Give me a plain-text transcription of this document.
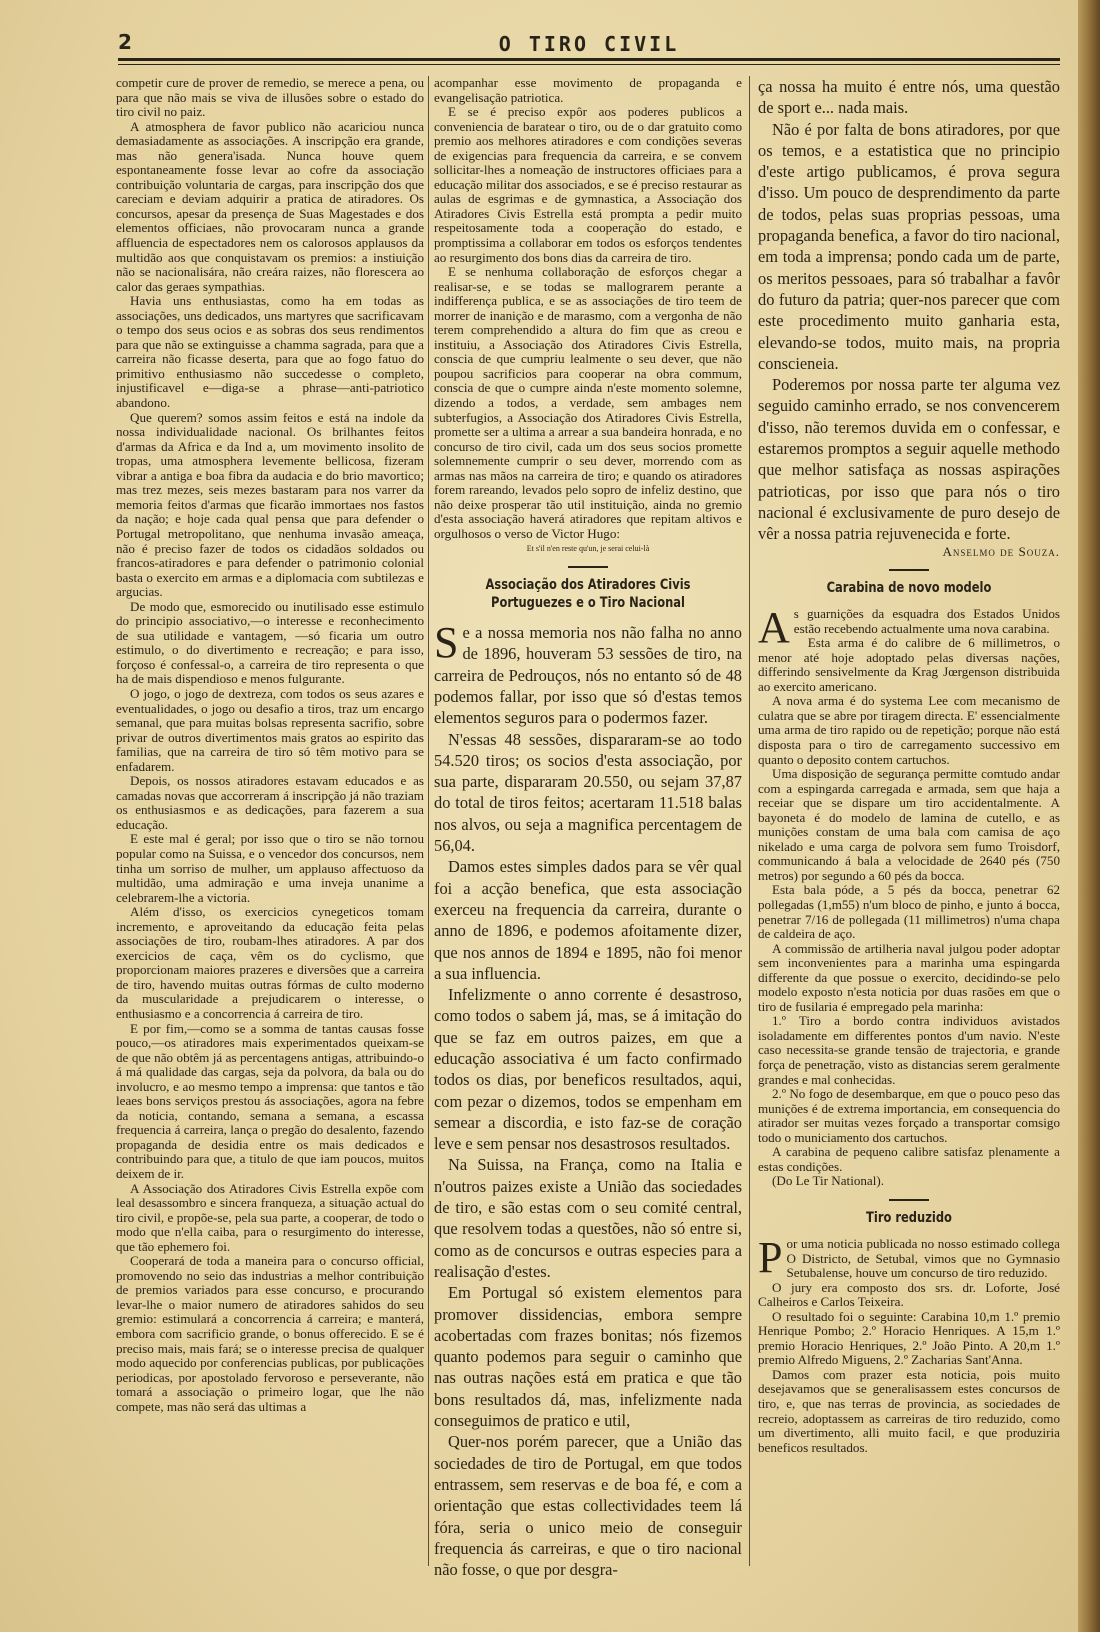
2	O TIRO CIVIL

competir cure de prover de remedio, se merece a pena, ou para que não mais se viva de illusões sobre o estado do tiro civil no paiz.

A atmosphera de favor publico não acariciou nunca demasiadamente as associações. A inscripção era grande, mas não genera'isada. Nunca houve quem espontaneamente fosse levar ao cofre da associação contribuição voluntaria de cargas, para inscripção dos que careciam e deviam adquirir a pratica de atiradores. Os concursos, apesar da presença de Suas Magestades e dos elementos officiaes, não provocaram nunca a grande affluencia de espectadores nem os calorosos applausos da multidão aos que conquistavam os premios: a instiuição não se nacionalisára, não creára raizes, não florescera ao calor das geraes sympathias.

Havia uns enthusiastas, como ha em todas as associações, uns dedicados, uns martyres que sacrificavam o tempo dos seus ocios e as sobras dos seus rendimentos para que não se extinguisse a chamma sagrada, para que a carreira não ficasse deserta, para que ao fogo fatuo do primitivo enthusiasmo não succedesse o completo, injustificavel e—diga-se a phrase—anti-patriotico abandono.

Que querem? somos assim feitos e está na indole da nossa individualidade nacional. Os brilhantes feitos d'armas da Africa e da Ind a, um movimento insolito de tropas, uma atmosphera levemente bellicosa, fizeram vibrar a antiga e boa fibra da audacia e do brio mavortico; mas trez mezes, seis mezes bastaram para nos varrer da memoria feitos d'armas que ficarão immortaes nos fastos da nação; e hoje cada qual pensa que para defender o Portugal metropolitano, que nenhuma invasão ameaça, não é preciso fazer de todos os cidadãos soldados ou francos-atiradores e para defender o patrimonio colonial basta o exercito em armas e a diplomacia com subtilezas e argucias.

De modo que, esmorecido ou inutilisado esse estimulo do principio associativo,—o interesse e reconhecimento de sua utilidade e vantagem, —só ficaria um outro estimulo, o do divertimento e recreação; e para isso, forçoso é confessal-o, a carreira de tiro representa o que ha de mais dispendioso e menos fulgurante.

O jogo, o jogo de dextreza, com todos os seus azares e eventualidades, o jogo ou desafio a tiros, traz um encargo semanal, que para muitas bolsas representa sacrifio, sobre privar de outros divertimentos mais gratos ao espirito das familias, que na carreira de tiro só têm motivo para se enfadarem.

Depois, os nossos atiradores estavam educados e as camadas novas que accorreram á inscripção já não traziam os enthusiasmos e as dedicações, para fazerem a sua educação.

E este mal é geral; por isso que o tiro se não tornou popular como na Suissa, e o vencedor dos concursos, nem tinha um sorriso de mulher, um applauso affectuoso da multidão, uma admiração e uma inveja unanime a celebrarem-lhe a victoria.

Além d'isso, os exercicios cynegeticos tomam incremento, e aproveitando da educação feita pelas associações de tiro, roubam-lhes atiradores. A par dos exercicios de caça, vêm os do cyclismo, que proporcionam maiores prazeres e diversões que a carreira de tiro, havendo muitas outras fórmas de culto moderno da muscularidade a prejudicarem o interesse, o enthusiasmo e a concorrencia á carreira de tiro.

E por fim,—como se a somma de tantas causas fosse pouco,—os atiradores mais experimentados queixam-se de que não obtêm já as percentagens antigas, attribuindo-o á má qualidade das cargas, seja da polvora, da bala ou do involucro, e ao mesmo tempo a imprensa: que tantos e tão leaes bons serviços prestou ás associações, agora na febre da noticia, contando, semana a semana, a escassa frequencia á carreira, lança o pregão do desalento, fazendo propaganda de desidia entre os mais dedicados e contribuindo para que, a titulo de que iam poucos, muitos deixem de ir.

A Associação dos Atiradores Civis Estrella expõe com leal desassombro e sincera franqueza, a situação actual do tiro civil, e propõe-se, pela sua parte, a cooperar, de todo o modo que n'ella caiba, para o resurgimento do interesse, que tão ephemero foi.

Cooperará de toda a maneira para o concurso official, promovendo no seio das industrias a melhor contribuição de premios variados para esse concurso, e procurando levar-lhe o maior numero de atiradores sahidos do seu gremio: estimulará a concorrencia á carreira; e manterá, embora com sacrificio grande, o bonus offerecido. E se é preciso mais, mais fará; se o interesse precisa de qualquer modo aquecido por conferencias publicas, por publicações periodicas, por apostolado fervoroso e perseverante, não tomará a associação o primeiro logar, que lhe não compete, mas não será das ultimas a

acompanhar esse movimento de propaganda e evangelisação patriotica.

E se é preciso expôr aos poderes publicos a conveniencia de baratear o tiro, ou de o dar gratuito como premio aos melhores atiradores e com condições severas de exigencias para frequencia da carreira, e se convem sollicitar-lhes a nomeação de instructores officiaes para a educação militar dos associados, e se é preciso restaurar as aulas de esgrimas e de gymnastica, a Associação dos Atiradores Civis Estrella está prompta a pedir muito respeitosamente toda a cooperação do estado, e promptissima a collaborar em todos os esforços tendentes ao resurgimento dos bons dias da carreira de tiro.

E se nenhuma collaboração de esforços chegar a realisar-se, e se todas se mallograrem perante a indifferença publica, e se as associações de tiro teem de morrer de inanição e de marasmo, com a vergonha de não terem comprehendido a altura do fim que as creou e instituiu, a Associação dos Atiradores Civis Estrella, conscia de que cumpriu lealmente o seu dever, que não poupou sacrificios para cooperar na obra commum, conscia de que o cumpre ainda n'este momento solemne, dizendo a todos, a verdade, sem ambages nem subterfugios, a Associação dos Atiradores Civis Estrella, promette ser a ultima a arrear a sua bandeira honrada, e no concurso de tiro civil, cada um dos seus socios promette solemnemente cumprir o seu dever, morrendo com as armas nas mãos na carreira de tiro; e quando os atiradores forem rareando, levados pelo sopro de infeliz destino, que não deixe prosperar tão util instituição, ainda no gremio d'esta associação haverá atiradores que repitam altivos e orgulhosos o verso de Victor Hugo:

Et s'il n'en reste qu'un, je serai celui-là

Associação dos Atiradores Civis Portuguezes e o Tiro Nacional

Se a nossa memoria nos não falha no anno de 1896, houveram 53 sessões de tiro, na carreira de Pedrouços, nós no entanto só de 48 podemos fallar, por isso que só d'estas temos elementos seguros para o podermos fazer.

N'essas 48 sessões, dispararam-se ao todo 54.520 tiros; os socios d'esta associação, por sua parte, dispararam 20.550, ou sejam 37,87 do total de tiros feitos; acertaram 11.518 balas nos alvos, ou seja a magnifica percentagem de 56,04.

Damos estes simples dados para se vêr qual foi a acção benefica, que esta associação exerceu na frequencia da carreira, durante o anno de 1896, e podemos afoitamente dizer, que nos annos de 1894 e 1895, não foi menor a sua influencia.

Infelizmente o anno corrente é desastroso, como todos o sabem já, mas, se á imitação do que se faz em outros paizes, em que a educação associativa é um facto confirmado todos os dias, por beneficos resultados, aqui, com pezar o dizemos, todos se empenham em semear a discordia, e isto faz-se de coração leve e sem pensar nos desastrosos resultados.

Na Suissa, na França, como na Italia e n'outros paizes existe a União das sociedades de tiro, e são estas com o seu comité central, que resolvem todas a questões, não só entre si, como as de concursos e outras especies para a realisação d'estes.

Em Portugal só existem elementos para promover dissidencias, embora sempre acobertadas com frazes bonitas; nós fizemos quanto podemos para seguir o caminho que nas outras nações está em pratica e que tão bons resultados dá, mas, infelizmente nada conseguimos de pratico e util,

Quer-nos porém parecer, que a União das sociedades de tiro de Portugal, em que todos entrassem, sem reservas e de boa fé, e com a orientação que estas collectividades teem lá fóra, seria o unico meio de conseguir frequencia ás carreiras, e que o tiro nacional não fosse, o que por desgra-

ça nossa ha muito é entre nós, uma questão de sport e... nada mais.

Não é por falta de bons atiradores, por que os temos, e a estatistica que no principio d'este artigo publicamos, é prova segura d'isso. Um pouco de desprendimento da parte de todos, pelas suas proprias pessoas, uma propaganda benefica, a favor do tiro nacional, em toda a imprensa; pondo cada um de parte, os meritos pessoaes, para só trabalhar a favôr do futuro da patria; quer-nos parecer que com este procedimento muito ganharia esta, elevando-se todos, muito mais, na propria conscieneia.

Poderemos por nossa parte ter alguma vez seguido caminho errado, se nos convencerem d'isso, não teremos duvida em o confessar, e estaremos promptos a seguir aquelle methodo que melhor satisfaça as nossas aspirações patrioticas, por isso que para nós o tiro nacional é exclusivamente de puro desejo de vêr a nossa patria rejuvenecida e forte.

Anselmo de Souza.

Carabina de novo modelo

As guarnições da esquadra dos Estados Unidos estão recebendo actualmente uma nova carabina.

Esta arma é do calibre de 6 millimetros, o menor até hoje adoptado pelas diversas nações, differindo sensivelmente da Krag Jœrgenson distribuida ao exercito americano.

A nova arma é do systema Lee com mecanismo de culatra que se abre por tiragem directa. E' essencialmente uma arma de tiro rapido ou de repetição; porque não está disposta para o tiro de carregamento successivo em quanto o deposito contem cartuchos.

Uma disposição de segurança permitte comtudo andar com a espingarda carregada e armada, sem que haja a receiar que se dispare um tiro accidentalmente. A bayoneta é do modelo de lamina de cutello, e as munições constam de uma bala com camisa de aço nikelado e uma carga de polvora sem fumo Troisdorf, communicando á bala a velocidade de 2640 pés (750 metros) por segundo a 60 pés da bocca.

Esta bala póde, a 5 pés da bocca, penetrar 62 pollegadas (1,m55) n'um bloco de pinho, e junto á bocca, penetrar 7/16 de pollegada (11 millimetros) n'uma chapa de caldeira de aço.

A commissão de artilheria naval julgou poder adoptar sem inconvenientes para a marinha uma espingarda differente da que possue o exercito, decidindo-se pelo modelo exposto n'esta noticia por duas rasões em que o tiro de fusilaria é empregado pela marinha:

1.º Tiro a bordo contra individuos avistados isoladamente em differentes pontos d'um navio. N'este caso necessita-se grande tensão de trajectoria, e grande força de penetração, visto as distancias serem geralmente grandes e mal conhecidas.

2.º No fogo de desembarque, em que o pouco peso das munições é de extrema importancia, em consequencia do atirador ser muitas vezes forçado a transportar comsigo todo o municiamento dos cartuchos.

A carabina de pequeno calibre satisfaz plenamente a estas condições.

(Do Le Tir National).

Tiro reduzido

Por uma noticia publicada no nosso estimado collega O Districto, de Setubal, vimos que no Gymnasio Setubalense, houve um concurso de tiro reduzido.

O jury era composto dos srs. dr. Loforte, José Calheiros e Carlos Teixeira.

O resultado foi o seguinte: Carabina 10,m 1.º premio Henrique Pombo; 2.º Horacio Henriques. A 15,m 1.º premio Horacio Henriques, 2.º João Pinto. A 20,m 1.º premio Alfredo Miguens, 2.º Zacharias Sant'Anna.

Damos com prazer esta noticia, pois muito desejavamos que se generalisassem estes concursos de tiro, e, que nas terras de provincia, as sociedades de recreio, adoptassem as carreiras de tiro reduzido, como um divertimento, alli muito facil, e que produziria beneficos resultados.
